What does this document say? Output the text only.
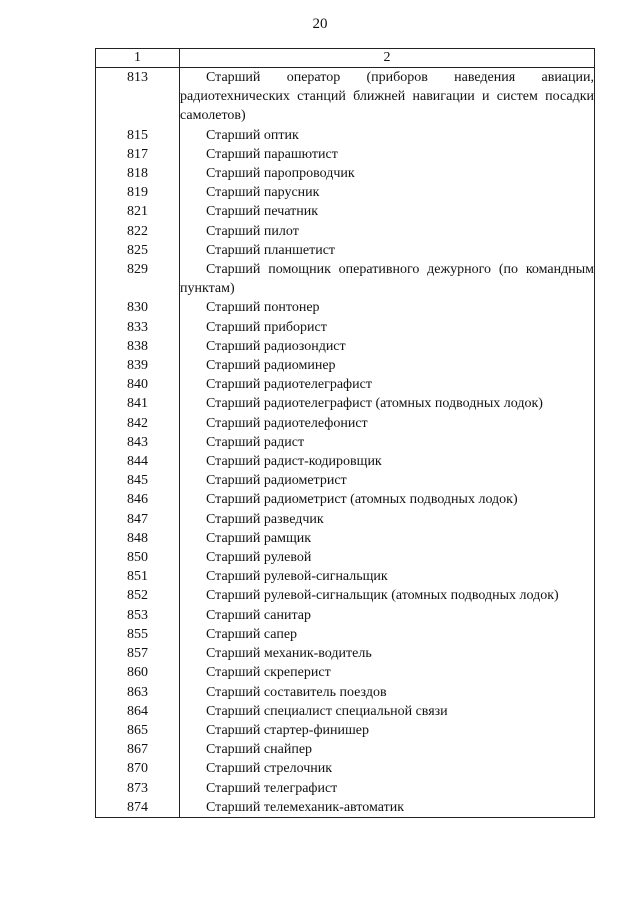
20
1	2
813	Старший оператор (приборов наведения авиации, радиотехнических станций ближней навигации и систем посадки самолетов)

815	Старший оптик

817	Старший парашютист

818	Старший паропроводчик

819	Старший парусник

821	Старший печатник

822	Старший пилот

825	Старший планшетист

829	Старший помощник оперативного дежурного (по командным пунктам)

830	Старший понтонер

833	Старший приборист

838	Старший радиозондист

839	Старший радиоминер

840	Старший радиотелеграфист

841	Старший радиотелеграфист (атомных подводных лодок)

842	Старший радиотелефонист

843	Старший радист

844	Старший радист-кодировщик

845	Старший радиометрист

846	Старший радиометрист (атомных подводных лодок)

847	Старший разведчик

848	Старший рамщик

850	Старший рулевой

851	Старший рулевой-сигнальщик

852	Старший рулевой-сигнальщик (атомных подводных лодок)

853	Старший санитар

855	Старший сапер

857	Старший механик-водитель

860	Старший скреперист

863	Старший составитель поездов

864	Старший специалист специальной связи

865	Старший стартер-финишер

867	Старший снайпер

870	Старший стрелочник

873	Старший телеграфист

874	Старший телемеханик-автоматик
